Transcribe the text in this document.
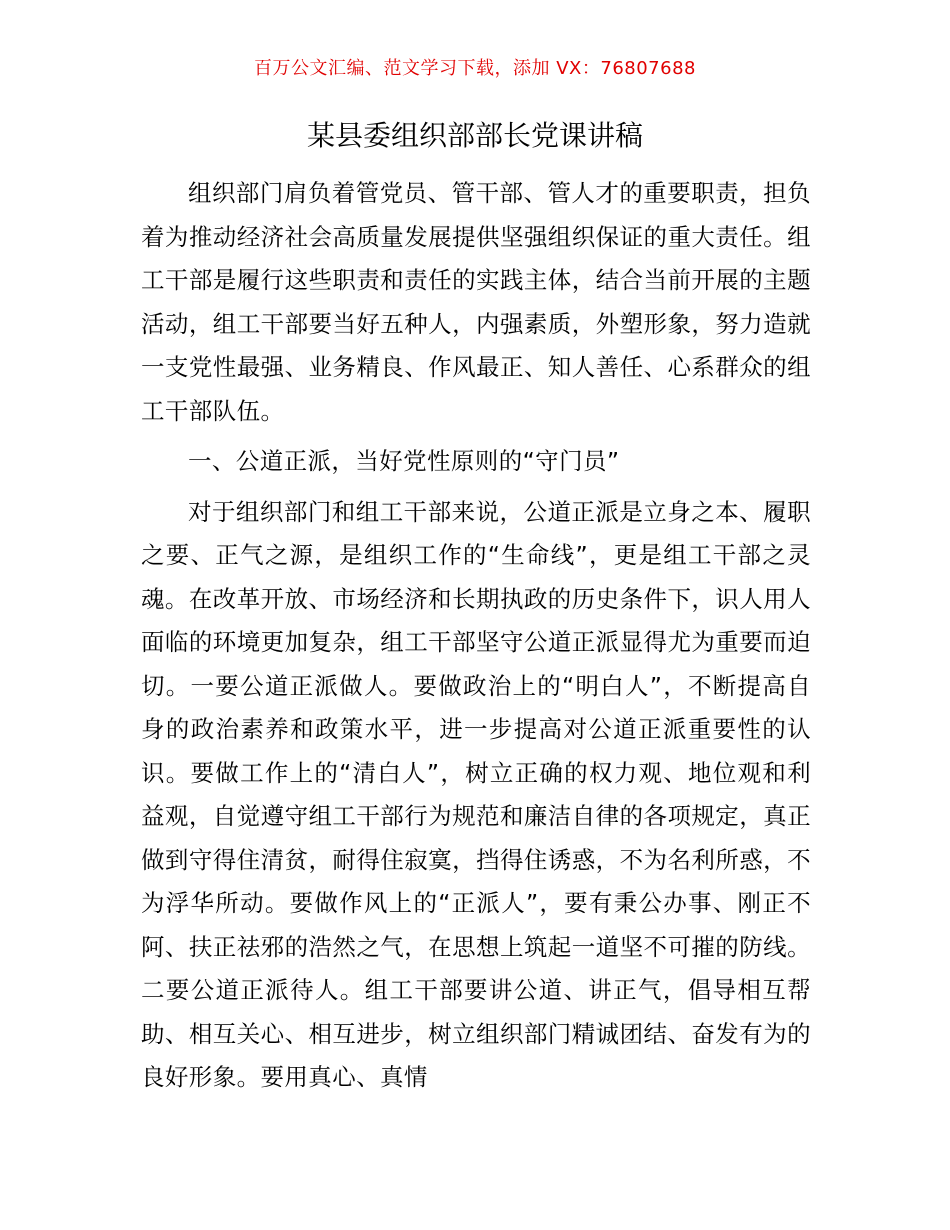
百万公文汇编、范文学习下载，添加 VX：76807688
某县委组织部部长党课讲稿

组织部门肩负着管党员、管干部、管人才的重要职责，担负着为推动经济社会高质量发展提供坚强组织保证的重大责任。组工干部是履行这些职责和责任的实践主体，结合当前开展的主题活动，组工干部要当好五种人，内强素质，外塑形象，努力造就一支党性最强、业务精良、作风最正、知人善任、心系群众的组工干部队伍。

一、公道正派，当好党性原则的“守门员”

对于组织部门和组工干部来说，公道正派是立身之本、履职之要、正气之源，是组织工作的“生命线”，更是组工干部之灵魂。在改革开放、市场经济和长期执政的历史条件下，识人用人面临的环境更加复杂，组工干部坚守公道正派显得尤为重要而迫切。一要公道正派做人。要做政治上的“明白人”，不断提高自身的政治素养和政策水平，进一步提高对公道正派重要性的认识。要做工作上的“清白人”，树立正确的权力观、地位观和利益观，自觉遵守组工干部行为规范和廉洁自律的各项规定，真正做到守得住清贫，耐得住寂寞，挡得住诱惑，不为名利所惑，不为浮华所动。要做作风上的“正派人”，要有秉公办事、刚正不阿、扶正祛邪的浩然之气，在思想上筑起一道坚不可摧的防线。二要公道正派待人。组工干部要讲公道、讲正气，倡导相互帮助、相互关心、相互进步，树立组织部门精诚团结、奋发有为的良好形象。要用真心、真情
